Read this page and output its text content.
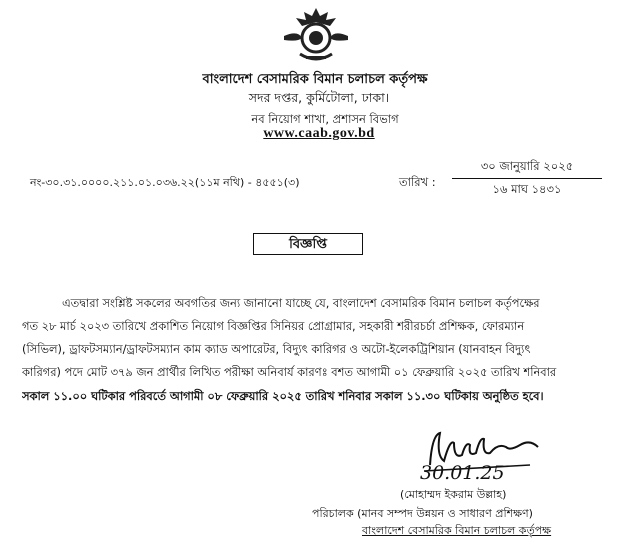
বাংলাদেশ বেসামরিক বিমান চলাচল কর্তৃপক্ষ
সদর দপ্তর, কুর্মিটোলা, ঢাকা।
নব নিয়োগ শাখা, প্রশাসন বিভাগ
www.caab.gov.bd
নং-৩০.৩১.০০০০.২১১.০১.০৩৬.২২(১১ম নথি) - ৪৫৫১(৩)	তারিখ :
৩০ জানুয়ারি ২০২৫
১৬ মাঘ ১৪৩১
বিজ্ঞপ্তি
এতদ্বারা সংশ্লিষ্ট সকলের অবগতির জন্য জানানো যাচ্ছে যে, বাংলাদেশ বেসামরিক বিমান চলাচল কর্তৃপক্ষের
গত ২৮ মার্চ ২০২৩ তারিখে প্রকাশিত নিয়োগ বিজ্ঞপ্তির সিনিয়র প্রোগ্রামার, সহকারী শরীরচর্চা প্রশিক্ষক, ফোরম্যান
(সিভিল), ড্রাফটসম্যান/ড্রাফটসম্যান কাম ক্যাড অপারেটর, বিদ্যুৎ কারিগর ও অটো-ইলেকট্রিশিয়ান (যানবাহন বিদ্যুৎ
কারিগর) পদে মোট ৩৭৯ জন প্রার্থীর লিখিত পরীক্ষা অনিবার্য কারণঃ বশত আগামী ০১ ফেব্রুয়ারি ২০২৫ তারিখ শনিবার
সকাল ১১.০০ ঘটিকার পরিবর্তে আগামী ০৮ ফেব্রুয়ারি ২০২৫ তারিখ শনিবার সকাল ১১.৩০ ঘটিকায় অনুষ্ঠিত হবে।
30.01.25
(মোহাম্মদ ইকরাম উল্লাহ)
পরিচালক (মানব সম্পদ উন্নয়ন ও সাধারণ প্রশিক্ষণ)
বাংলাদেশ বেসামরিক বিমান চলাচল কর্তৃপক্ষ
